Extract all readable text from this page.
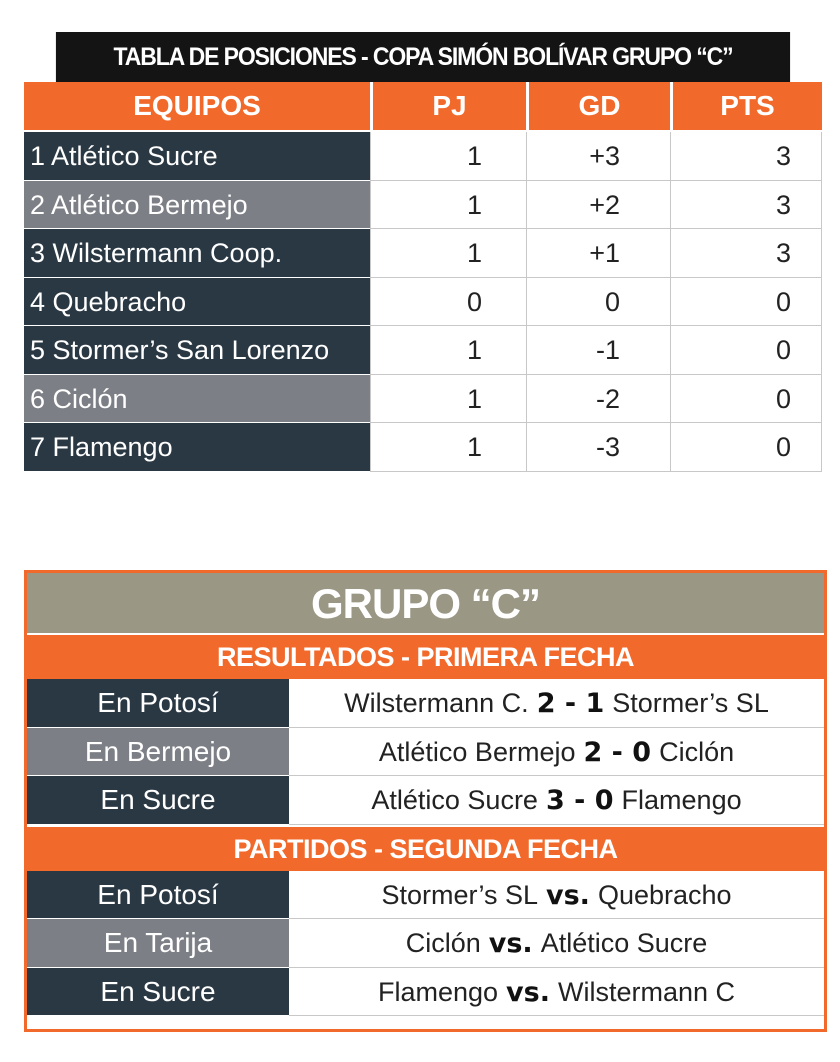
TABLA DE POSICIONES - COPA SIMÓN BOLÍVAR GRUPO “C”
EQUIPOS	PJ	GD	PTS
1 Atlético Sucre	1	+3	3
2 Atlético Bermejo	1	+2	3
3 Wilstermann Coop.	1	+1	3
4 Quebracho	0	0	0
5 Stormer’s San Lorenzo	1	-1	0
6 Ciclón	1	-2	0
7 Flamengo	1	-3	0
GRUPO “C”
RESULTADOS - PRIMERA FECHA
En Potosí	Wilstermann C. 2 - 1 Stormer’s SL
En Bermejo	Atlético Bermejo 2 - 0 Ciclón
En Sucre	Atlético Sucre 3 - 0 Flamengo
PARTIDOS - SEGUNDA FECHA
En Potosí	Stormer’s SL vs. Quebracho
En Tarija	Ciclón vs. Atlético Sucre
En Sucre	Flamengo vs. Wilstermann C
